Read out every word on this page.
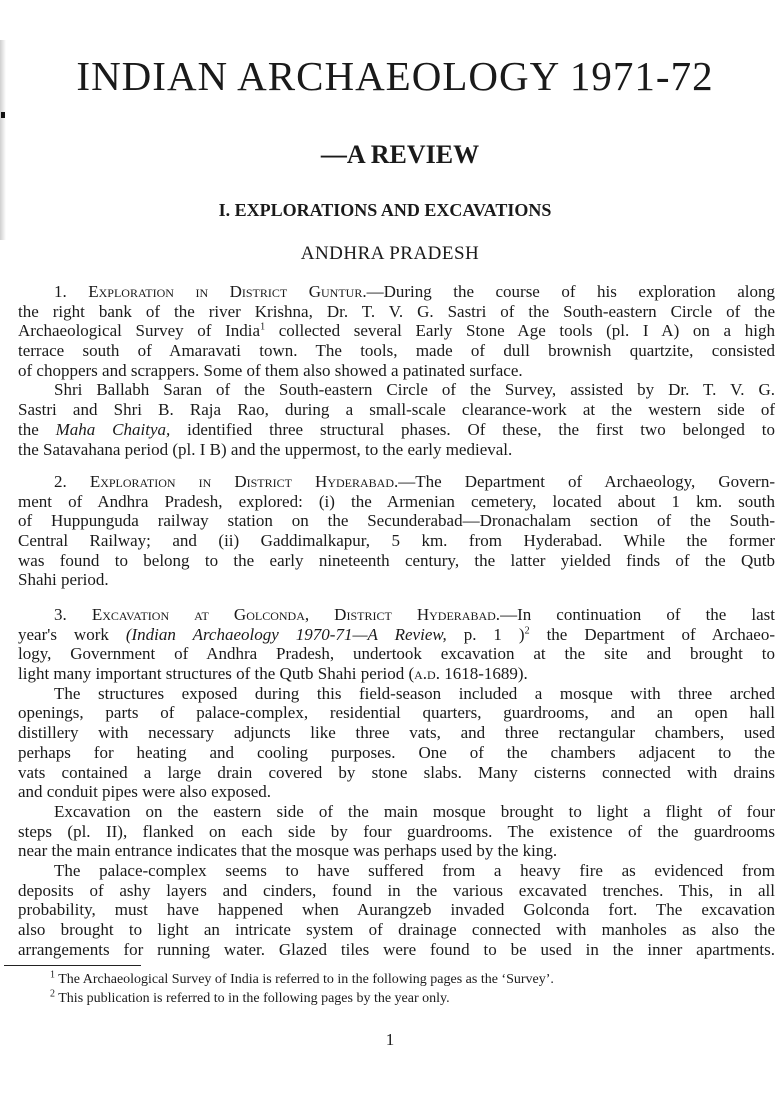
INDIAN ARCHAEOLOGY 1971-72
—A REVIEW
I. EXPLORATIONS AND EXCAVATIONS
ANDHRA PRADESH
1. Exploration in District Guntur.—During the course of his exploration along
the right bank of the river Krishna, Dr. T. V. G. Sastri of the South-eastern Circle of the
Archaeological Survey of India$^1$ collected several Early Stone Age tools (pl. I A) on a high
terrace south of Amaravati town. The tools, made of dull brownish quartzite, consisted
of choppers and scrappers. Some of them also showed a patinated surface.
Shri Ballabh Saran of the South-eastern Circle of the Survey, assisted by Dr. T. V. G.
Sastri and Shri B. Raja Rao, during a small-scale clearance-work at the western side of
the Maha Chaitya, identified three structural phases. Of these, the first two belonged to
the Satavahana period (pl. I B) and the uppermost, to the early medieval.
2. Exploration in District Hyderabad.—The Department of Archaeology, Govern-
ment of Andhra Pradesh, explored: (i) the Armenian cemetery, located about 1 km. south
of Huppunguda railway station on the Secunderabad—Dronachalam section of the South-
Central Railway; and (ii) Gaddimalkapur, 5 km. from Hyderabad. While the former
was found to belong to the early nineteenth century, the latter yielded finds of the Qutb
Shahi period.
3. Excavation at Golconda, District Hyderabad.—In continuation of the last
year's work (Indian Archaeology 1970-71—A Review, p. 1 )$^2$ the Department of Archaeo-
logy, Government of Andhra Pradesh, undertook excavation at the site and brought to
light many important structures of the Qutb Shahi period (a.d. 1618-1689).
The structures exposed during this field-season included a mosque with three arched
openings, parts of palace-complex, residential quarters, guardrooms, and an open hall
distillery with necessary adjuncts like three vats, and three rectangular chambers, used
perhaps for heating and cooling purposes. One of the chambers adjacent to the
vats contained a large drain covered by stone slabs. Many cisterns connected with drains
and conduit pipes were also exposed.
Excavation on the eastern side of the main mosque brought to light a flight of four
steps (pl. II), flanked on each side by four guardrooms. The existence of the guardrooms
near the main entrance indicates that the mosque was perhaps used by the king.
The palace-complex seems to have suffered from a heavy fire as evidenced from
deposits of ashy layers and cinders, found in the various excavated trenches. This, in all
probability, must have happened when Aurangzeb invaded Golconda fort. The excavation
also brought to light an intricate system of drainage connected with manholes as also the
arrangements for running water. Glazed tiles were found to be used in the inner apartments.
$^1$ The Archaeological Survey of India is referred to in the following pages as the ‘Survey’.
$^2$ This publication is referred to in the following pages by the year only.
1
